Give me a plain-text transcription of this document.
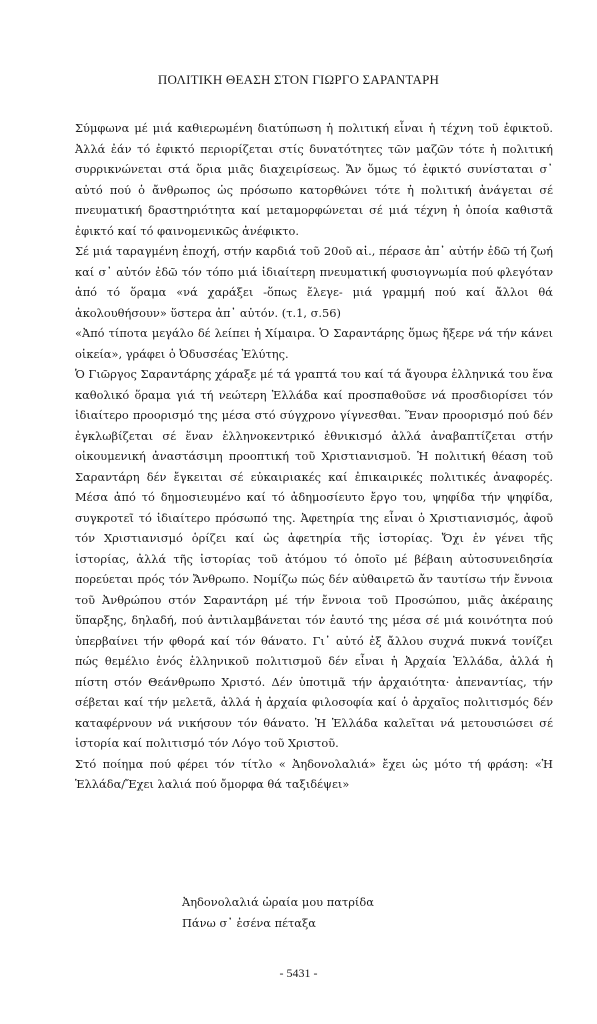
ΠΟΛΙΤΙΚΗ ΘΕΑΣΗ ΣΤΟΝ ΓΙΩΡΓΟ ΣΑΡΑΝΤΑΡΗ

Σύμφωνα μέ μιά καθιερωμένη διατύπωση ἡ πολιτική εἶναι ἡ τέχνη τοῦ ἐφικτοῦ. Ἀλλά ἐάν τό ἐφικτό περιορίζεται στίς δυνατότητες τῶν μαζῶν τότε ἡ πολιτική συρρικνώνεται στά ὅρια μιᾶς διαχειρίσεως. Ἄν ὅμως τό ἐφικτό συνίσταται σ᾽ αὐτό πού ὁ ἄνθρωπος ὡς πρόσωπο κατορθώνει τότε ἡ πολιτική ἀνάγεται σέ πνευματική δραστηριότητα καί μεταμορφώνεται σέ μιά τέχνη ἡ ὁποία καθιστᾶ ἐφικτό καί τό φαινομενικῶς ἀνέφικτο.

Σέ μιά ταραγμένη ἐποχή, στήν καρδιά τοῦ 20οῦ αἰ., πέρασε ἀπ᾽ αὐτήν ἐδῶ τή ζωή καί σ᾽ αὐτόν ἐδῶ τόν τόπο μιά ἰδιαίτερη πνευματική φυσιογνωμία πού φλεγόταν ἀπό τό ὅραμα «νά χαράξει -ὅπως ἔλεγε- μιά γραμμή πού καί ἄλλοι θά ἀκολουθήσουν» ὕστερα ἀπ᾽ αὐτόν. (τ.1, σ.56)

«Ἀπό τίποτα μεγάλο δέ λείπει ἡ Χίμαιρα. Ὁ Σαραντάρης ὅμως ἤξερε νά τήν κάνει οἰκεία», γράφει ὁ Ὀδυσσέας Ἐλύτης.

Ὁ Γιῶργος Σαραντάρης χάραξε μέ τά γραπτά του καί τά ἄγουρα ἑλληνικά του ἕνα καθολικό ὅραμα γιά τή νεώτερη Ἑλλάδα καί προσπαθοῦσε νά προσδιορίσει τόν ἰδιαίτερο προορισμό της μέσα στό σύγχρονο γίγνεσθαι. Ἕναν προορισμό πού δέν ἐγκλωβίζεται σέ ἕναν ἑλληνοκεντρικό ἐθνικισμό ἀλλά ἀναβαπτίζεται στήν οἰκουμενική ἀναστάσιμη προοπτική τοῦ Χριστιανισμοῦ. Ἡ πολιτική θέαση τοῦ Σαραντάρη δέν ἔγκειται σέ εὐκαιριακές καί ἐπικαιρικές πολιτικές ἀναφορές. Μέσα ἀπό τό δημοσιευμένο καί τό ἀδημοσίευτο ἔργο του, ψηφίδα τήν ψηφίδα, συγκροτεῖ τό ἰδιαίτερο πρόσωπό της. Ἀφετηρία της εἶναι ὁ Χριστιανισμός, ἀφοῦ τόν Χριστιανισμό ὁρίζει καί ὡς ἀφετηρία τῆς ἱστορίας. Ὄχι ἐν γένει τῆς ἱστορίας, ἀλλά τῆς ἱστορίας τοῦ ἀτόμου τό ὁποῖο μέ βέβαιη αὐτοσυνειδησία πορεύεται πρός τόν Ἄνθρωπο. Νομίζω πώς δέν αὐθαιρετῶ ἄν ταυτίσω τήν ἔννοια τοῦ Ἀνθρώπου στόν Σαραντάρη μέ τήν ἔννοια τοῦ Προσώπου, μιᾶς ἀκέραιης ὕπαρξης, δηλαδή, πού ἀντιλαμβάνεται τόν ἑαυτό της μέσα σέ μιά κοινότητα πού ὑπερβαίνει τήν φθορά καί τόν θάνατο. Γι᾽ αὐτό ἐξ ἄλλου συχνά πυκνά τονίζει πώς θεμέλιο ἑνός ἑλληνικοῦ πολιτισμοῦ δέν εἶναι ἡ Ἀρχαία Ἑλλάδα, ἀλλά ἡ πίστη στόν Θεάνθρωπο Χριστό. Δέν ὑποτιμᾶ τήν ἀρχαιότητα· ἀπεναντίας, τήν σέβεται καί τήν μελετᾶ, ἀλλά ἡ ἀρχαία φιλοσοφία καί ὁ ἀρχαῖος πολιτισμός δέν καταφέρνουν νά νικήσουν τόν θάνατο. Ἡ Ἑλλάδα καλεῖται νά μετουσιώσει σέ ἱστορία καί πολιτισμό τόν Λόγο τοῦ Χριστοῦ.

Στό ποίημα πού φέρει τόν τίτλο « Ἀηδονολαλιά» ἔχει ὡς μότο τή φράση: «Ἡ Ἑλλάδα/Ἔχει λαλιά πού ὄμορφα θά ταξιδέψει»

Ἀηδονολαλιά ὡραία μου πατρίδα
Πάνω σ᾽ ἐσένα πέταξα
- 5431 -
